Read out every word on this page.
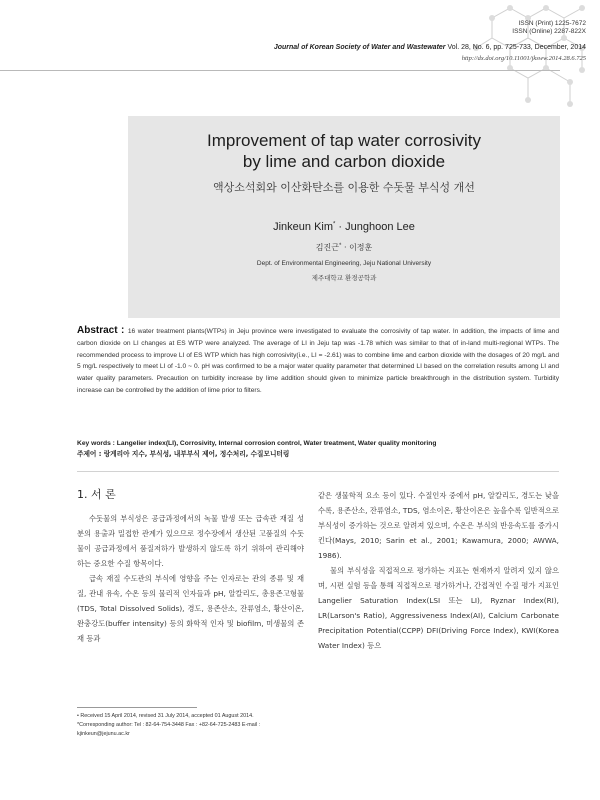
ISSN (Print) 1225-7672
ISSN (Online) 2287-822X
Journal of Korean Society of Water and Wastewater Vol. 28, No. 6, pp. 725-733, December, 2014
http://dx.doi.org/10.11001/jksww.2014.28.6.725
Improvement of tap water corrosivity
by lime and carbon dioxide
액상소석회와 이산화탄소를 이용한 수돗물 부식성 개선
Jinkeun Kim* · Junghoon Lee
김진근* · 이정훈
Dept. of Environmental Engineering, Jeju National University
제주대학교 환경공학과
Abstract : 16 water treatment plants(WTPs) in Jeju province were investigated to evaluate the corrosivity of tap water. In addition, the impacts of lime and carbon dioxide on LI changes at ES WTP were analyzed. The average of LI in Jeju tap was -1.78 which was similar to that of in-land multi-regional WTPs. The recommended process to improve LI of ES WTP which has high corrosivity(i.e., LI = -2.61) was to combine lime and carbon dioxide with the dosages of 20 mg/L and 5 mg/L respectively to meet LI of -1.0 ~ 0. pH was confirmed to be a major water quality parameter that determined LI based on the correlation results among LI and water quality parameters. Precaution on turbidity increase by lime addition should given to minimize particle breakthrough in the distribution system. Turbidity increase can be controlled by the addition of lime prior to filters.
Key words : Langelier index(LI), Corrosivity, Internal corrosion control, Water treatment, Water quality monitoring
주제어 : 랑게리아 지수, 부식성, 내부부식 제어, 정수처리, 수질모니터링
1. 서 론

수돗물의 부식성은 공급과정에서의 녹물 발생 또는 급속관 재질 성분의 용출과 밀접한 관계가 있으므로 정수장에서 생산된 고품질의 수돗물이 공급과정에서 품질저하가 발생하지 않도록 하기 위하여 관리해야 하는 중요한 수질 항목이다.

급속 재질 수도관의 부식에 영향을 주는 인자로는 관의 종류 및 재질, 관내 유속, 수온 등의 물리적 인자들과 pH, 알칼리도, 총용존고형물(TDS, Total Dissolved Solids), 경도, 용존산소, 잔류염소, 황산이온, 완충강도(buffer intensity) 등의 화학적 인자 및 biofilm, 미생물의 존재 등과

같은 생물학적 요소 등이 있다. 수질인자 중에서 pH, 알칼리도, 경도는 낮을수록, 용존산소, 잔류염소, TDS, 염소이온, 황산이온은 높을수록 일반적으로 부식성이 증가하는 것으로 알려져 있으며, 수온은 부식의 반응속도를 증가시킨다(Mays, 2010; Sarin et al., 2001; Kawamura, 2000; AWWA, 1986).

물의 부식성을 직접적으로 평가하는 지표는 현재까지 알려져 있지 않으며, 시편 실험 등을 통해 직접적으로 평가하거나, 간접적인 수질 평가 지표인 Langelier Saturation Index(LSI 또는 LI), Ryznar Index(RI), LR(Larson's Ratio), Aggressiveness Index(AI), Calcium Carbonate Precipitation Potential(CCPP) DFI(Driving Force Index), KWI(Korea Water Index) 등으

• Received 15 April 2014, revised 31 July 2014, accepted 01 August 2014.
*Corresponding author: Tel : 82-64-754-3448 Fax : +82-64-725-2483 E-mail : kjinkeun@jejunu.ac.kr
